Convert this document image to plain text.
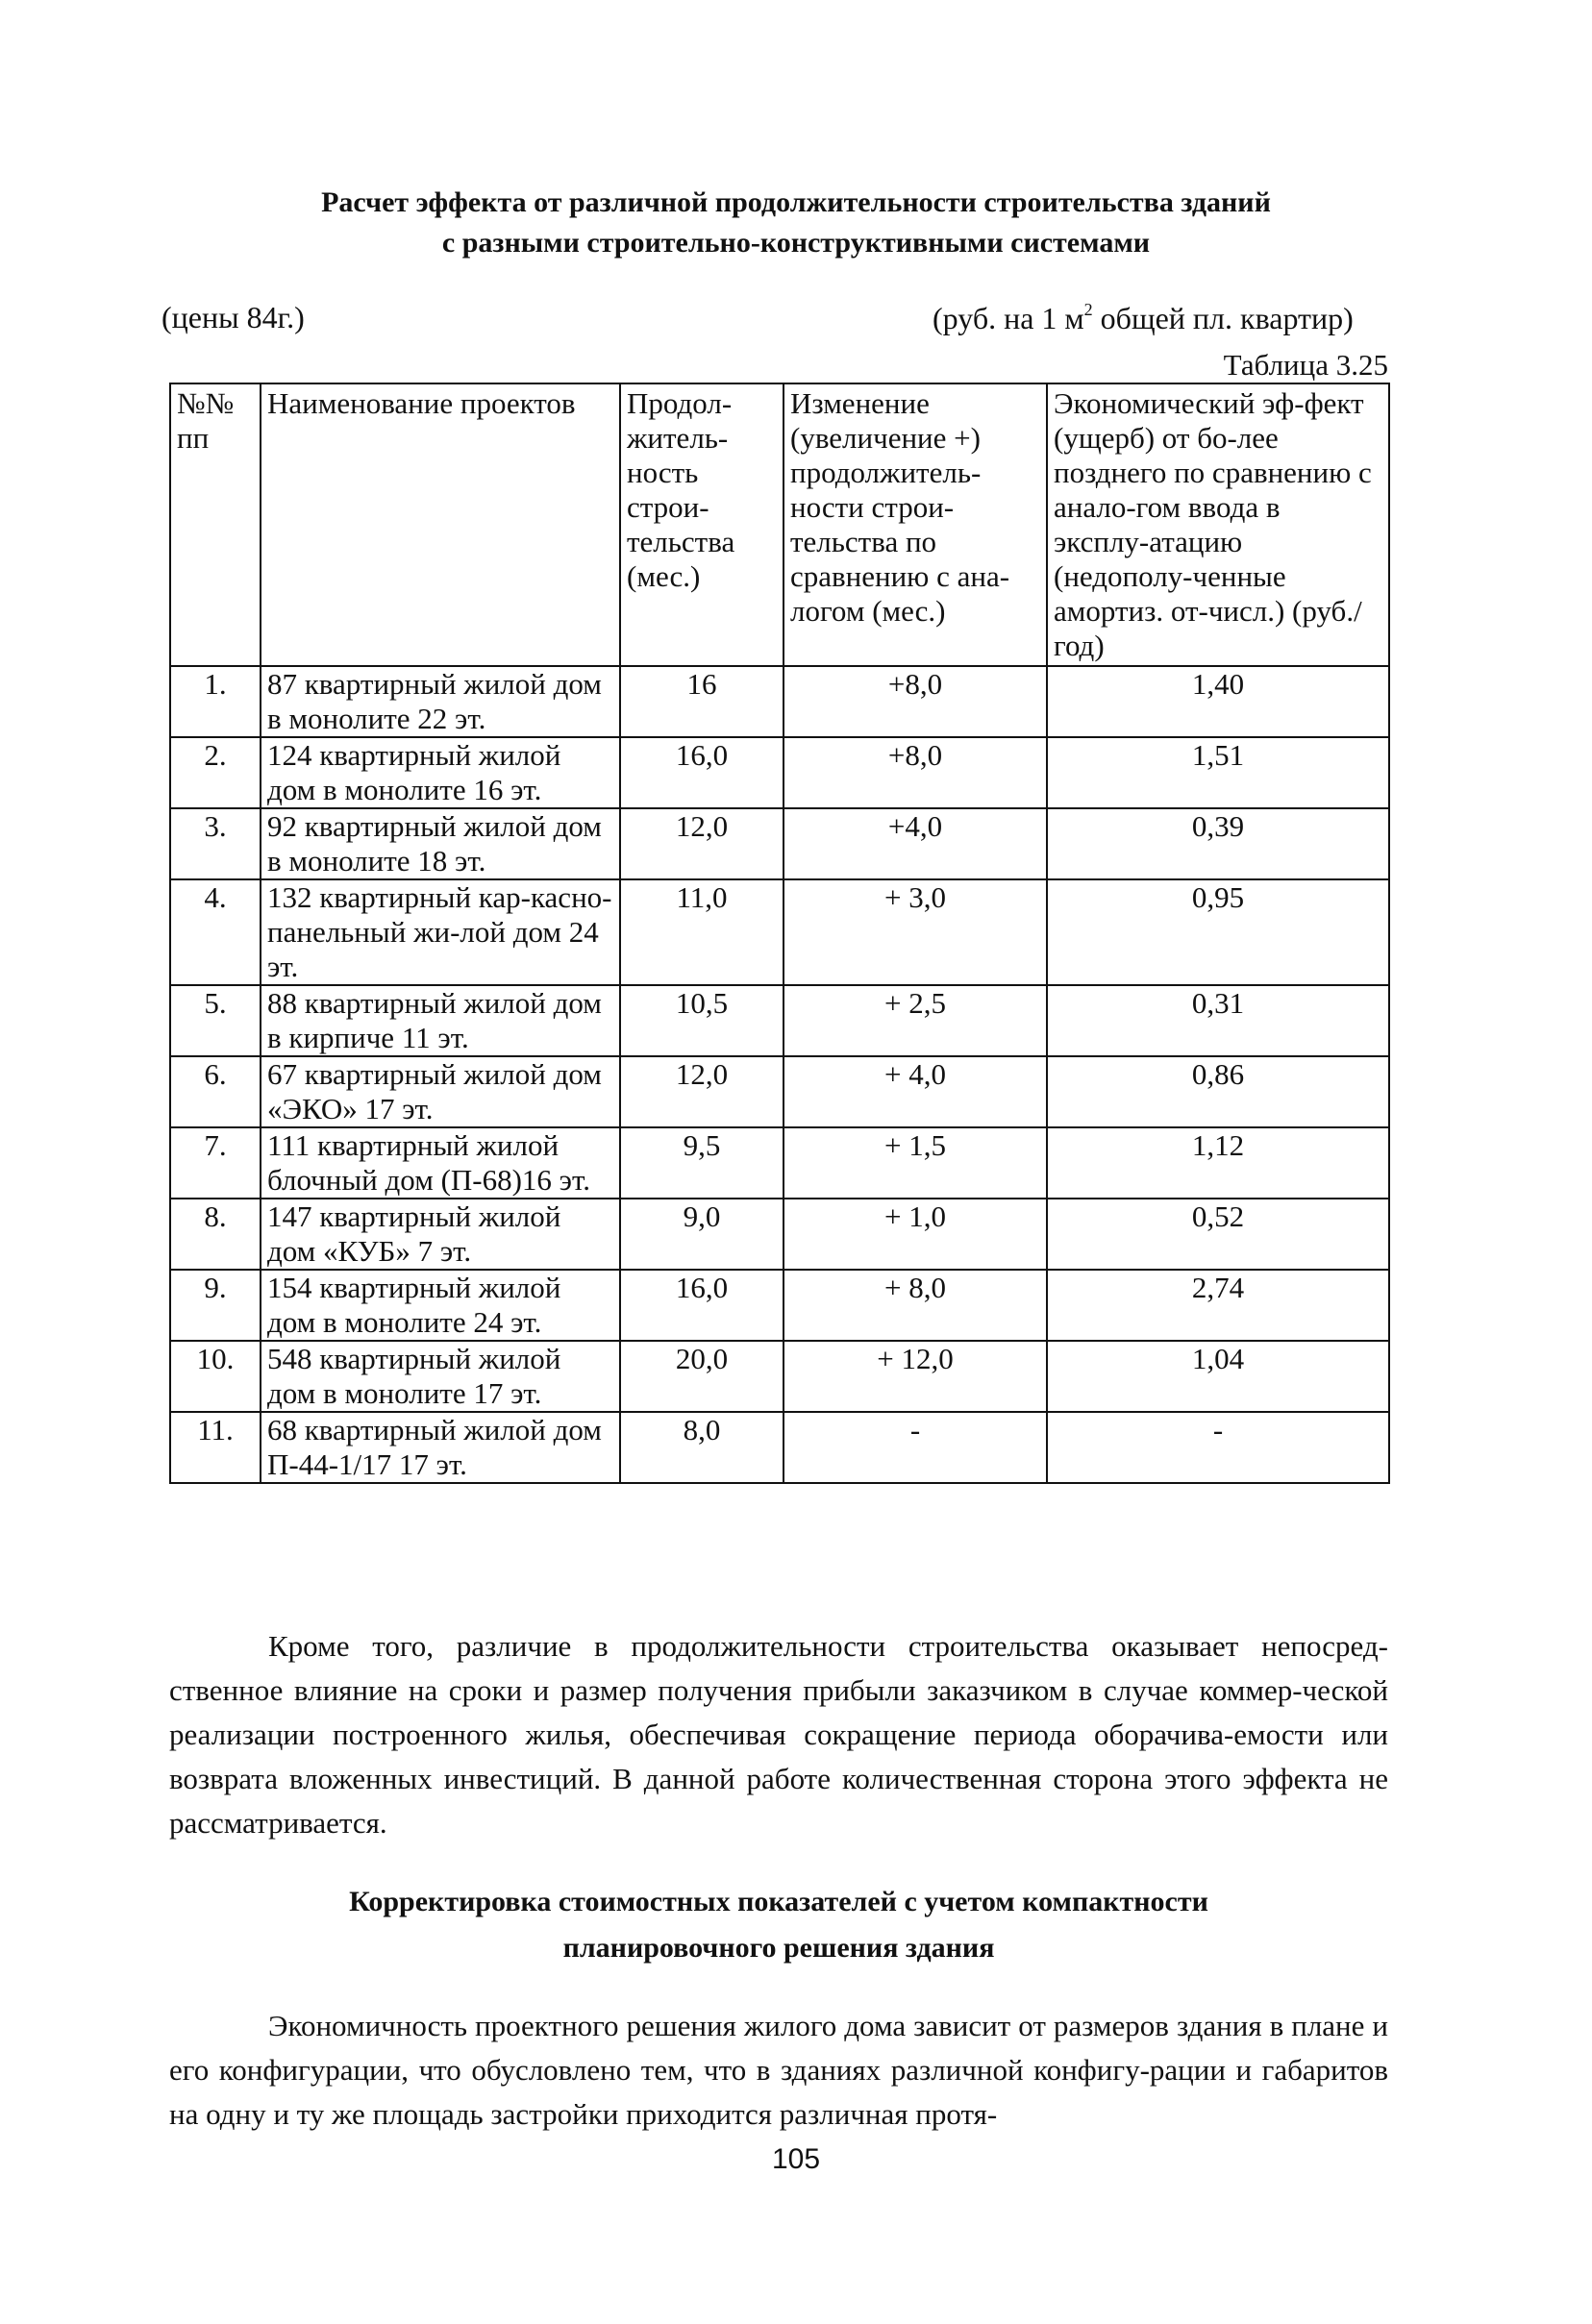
Расчет эффекта от различной продолжительности строительства зданий
с разными строительно-конструктивными системами
(цены 84г.)	(руб. на 1 $м^2$ общей пл. квартир)
Таблица 3.25
№№ пп	Наименование проектов	Продол-житель-ность строи-тельства (мес.)	Изменение (увеличение +) продолжитель-ности строи-тельства по сравнению с ана-логом (мес.)	Экономический эф-фект (ущерб) от бо-лее позднего по сравнению с анало-гом ввода в эксплу-атацию (недополу-ченные амортиз. от-числ.) (руб./год)
1.	87 квартирный жилой дом в монолите 22 эт.	16	+8,0	1,40
2.	124 квартирный жилой дом в монолите 16 эт.	16,0	+8,0	1,51
3.	92 квартирный жилой дом в монолите 18 эт.	12,0	+4,0	0,39
4.	132 квартирный кар-касно-панельный жи-лой дом 24 эт.	11,0	+ 3,0	0,95
5.	88 квартирный жилой дом в кирпиче 11 эт.	10,5	+ 2,5	0,31
6.	67 квартирный жилой дом «ЭКО» 17 эт.	12,0	+ 4,0	0,86
7.	111 квартирный жилой блочный дом (П-68)16 эт.	9,5	+ 1,5	1,12
8.	147 квартирный жилой дом «КУБ» 7 эт.	9,0	+ 1,0	0,52
9.	154 квартирный жилой дом в монолите 24 эт.	16,0	+ 8,0	2,74
10.	548 квартирный жилой дом в монолите 17 эт.	20,0	+ 12,0	1,04
11.	68 квартирный жилой дом П-44-1/17 17 эт.	8,0	-	-
Кроме того, различие в продолжительности строительства оказывает непосред-ственное влияние на сроки и размер получения прибыли заказчиком в случае коммер-ческой реализации построенного жилья, обеспечивая сокращение периода оборачива-емости или возврата вложенных инвестиций. В данной работе количественная сторона этого эффекта не рассматривается.
Корректировка стоимостных показателей с учетом компактности
планировочного решения здания
Экономичность проектного решения жилого дома зависит от размеров здания в плане и его конфигурации, что обусловлено тем, что в зданиях различной конфигу-рации и габаритов на одну и ту же площадь застройки приходится различная протя-
105
